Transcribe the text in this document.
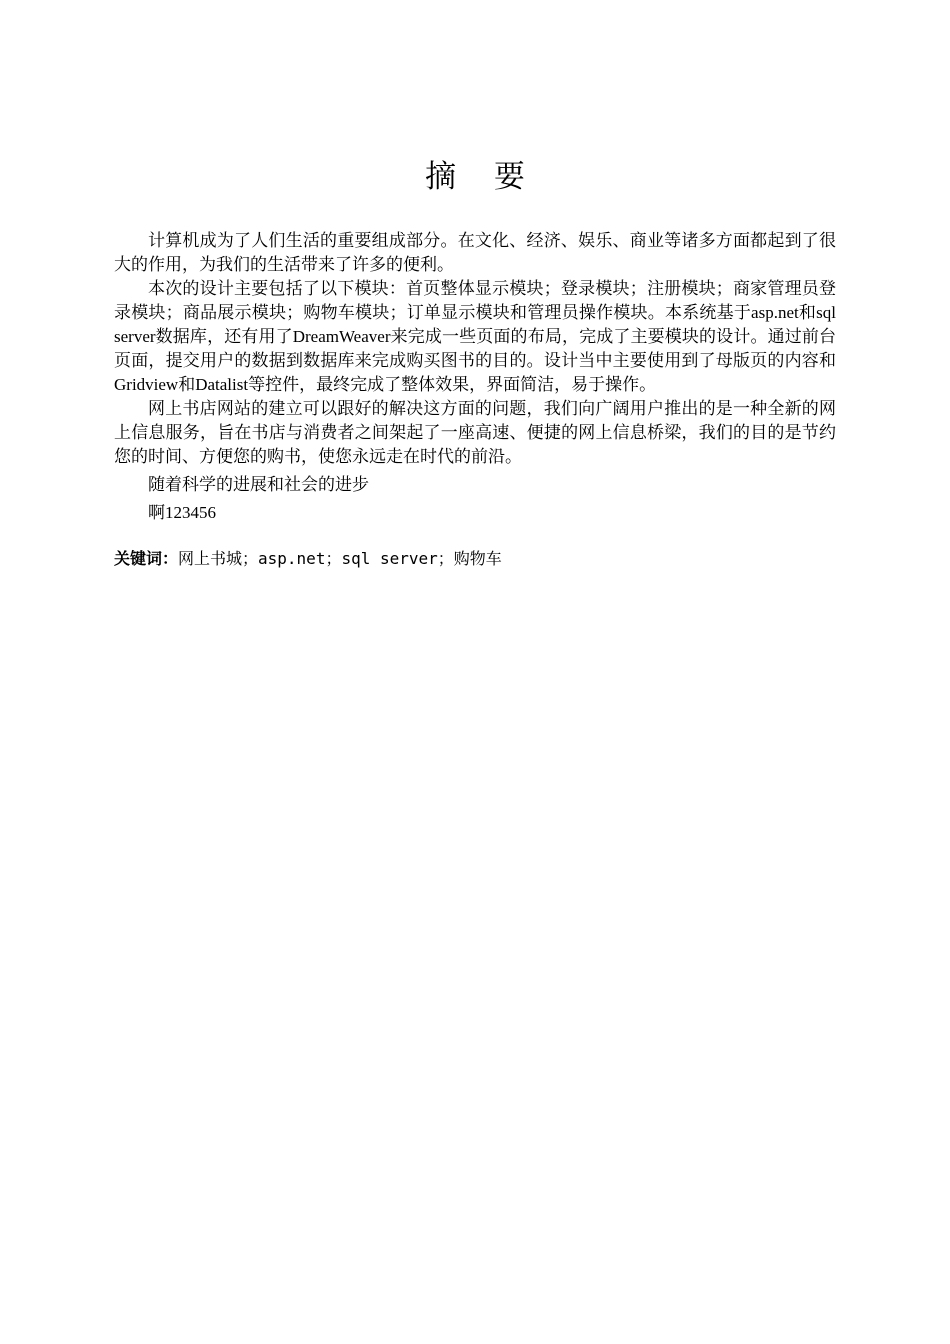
摘 要

计算机成为了人们生活的重要组成部分。在文化、经济、娱乐、商业等诸多方面都起到了很大的作用，为我们的生活带来了许多的便利。

本次的设计主要包括了以下模块：首页整体显示模块；登录模块；注册模块；商家管理员登录模块；商品展示模块；购物车模块；订单显示模块和管理员操作模块。本系统基于asp.net和sql server数据库，还有用了DreamWeaver来完成一些页面的布局，完成了主要模块的设计。通过前台页面，提交用户的数据到数据库来完成购买图书的目的。设计当中主要使用到了母版页的内容和Gridview和Datalist等控件，最终完成了整体效果，界面简洁，易于操作。

网上书店网站的建立可以跟好的解决这方面的问题，我们向广阔用户推出的是一种全新的网上信息服务，旨在书店与消费者之间架起了一座高速、便捷的网上信息桥梁，我们的目的是节约您的时间、方便您的购书，使您永远走在时代的前沿。

随着科学的进展和社会的进步

啊123456

关键词：网上书城；asp.net；sql server；购物车
